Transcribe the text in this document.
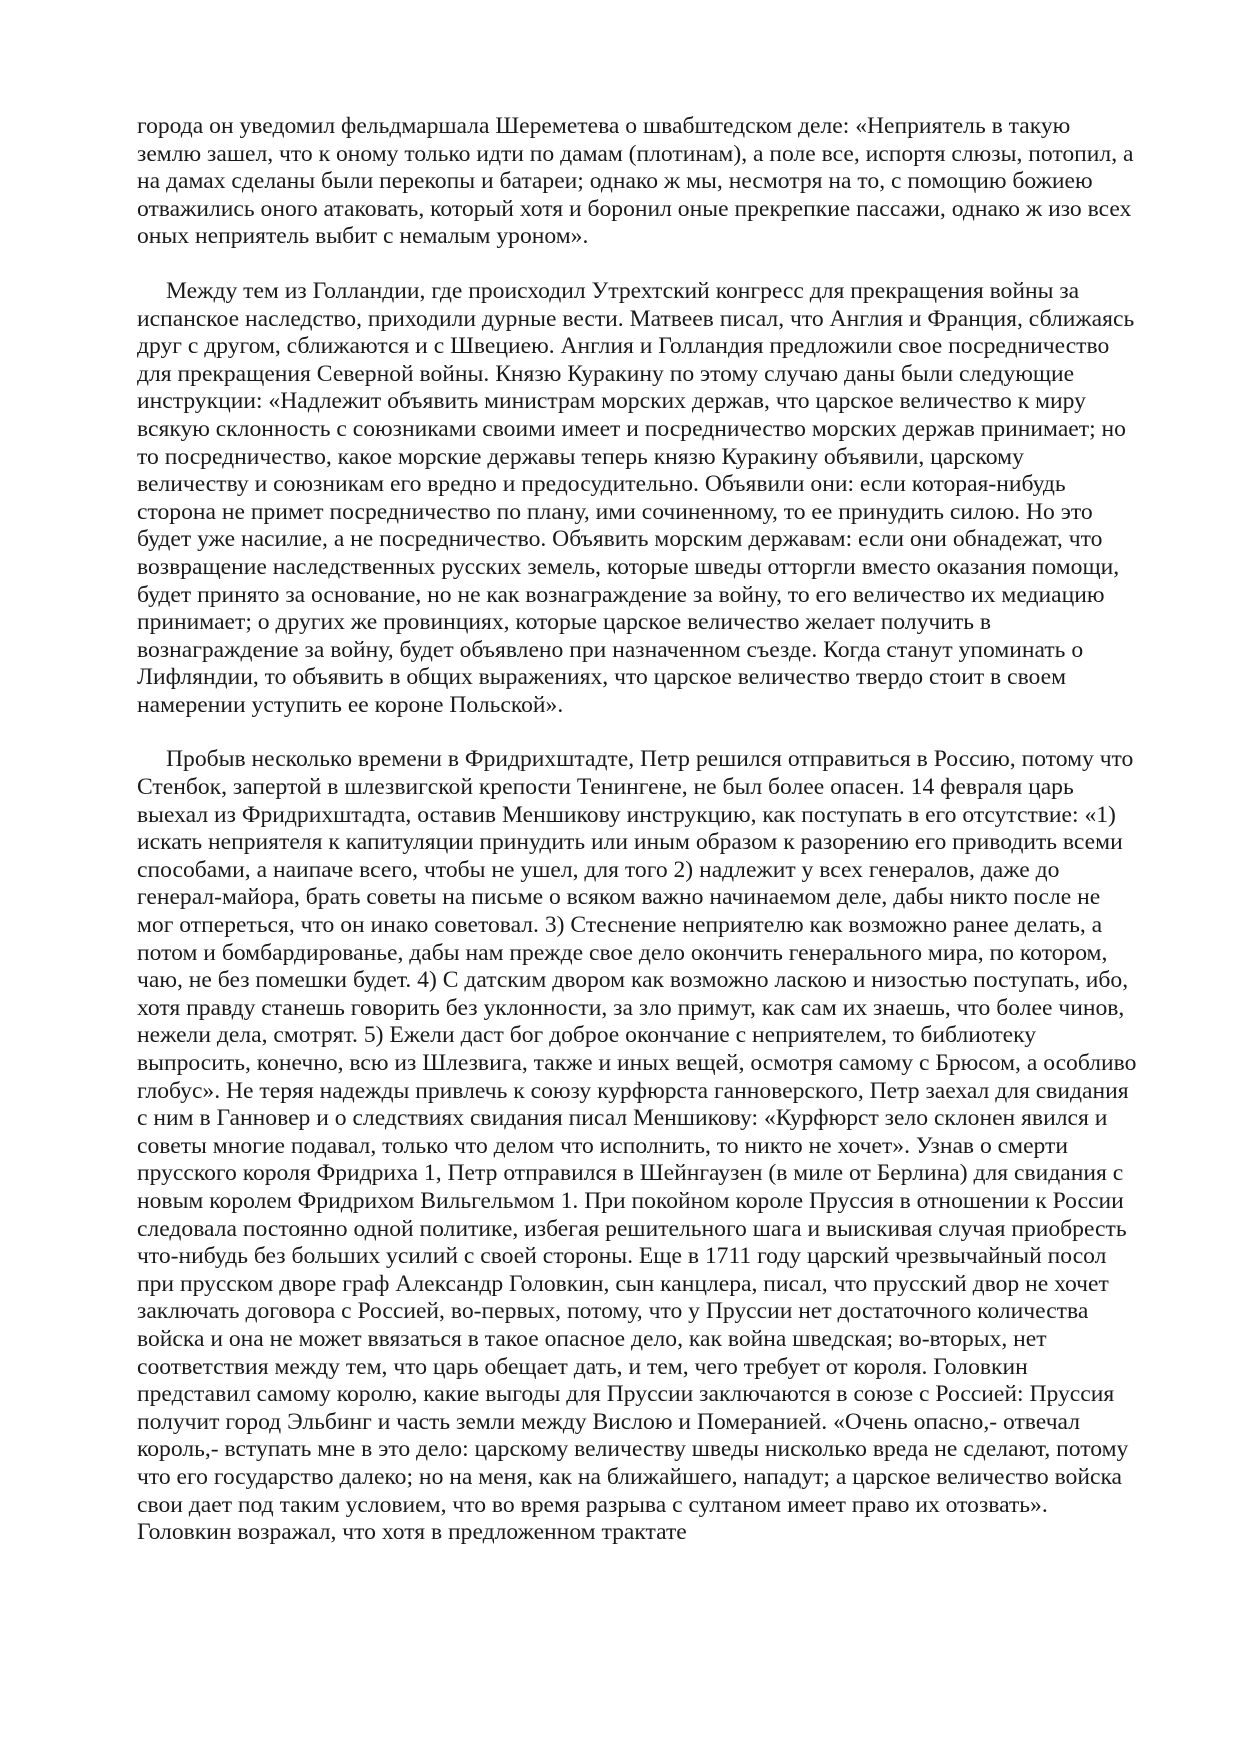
города он уведомил фельдмаршала Шереметева о швабштедском деле: «Неприятель в такую землю зашел, что к оному только идти по дамам (плотинам), а поле все, испортя слюзы, потопил, а на дамах сделаны были перекопы и батареи; однако ж мы, несмотря на то, с помощию божиею отважились оного атаковать, который хотя и боронил оные прекрепкие пассажи, однако ж изо всех оных неприятель выбит с немалым уроном».

Между тем из Голландии, где происходил Утрехтский конгресс для прекращения войны за испанское наследство, приходили дурные вести. Матвеев писал, что Англия и Франция, сближаясь друг с другом, сближаются и с Швециею. Англия и Голландия предложили свое посредничество для прекращения Северной войны. Князю Куракину по этому случаю даны были следующие инструкции: «Надлежит объявить министрам морских держав, что царское величество к миру всякую склонность с союзниками своими имеет и посредничество морских держав принимает; но то посредничество, какое морские державы теперь князю Куракину объявили, царскому величеству и союзникам его вредно и предосудительно. Объявили они: если которая-нибудь сторона не примет посредничество по плану, ими сочиненному, то ее принудить силою. Но это будет уже насилие, а не посредничество. Объявить морским державам: если они обнадежат, что возвращение наследственных русских земель, которые шведы отторгли вместо оказания помощи, будет принято за основание, но не как вознаграждение за войну, то его величество их медиацию принимает; о других же провинциях, которые царское величество желает получить в вознаграждение за войну, будет объявлено при назначенном съезде. Когда станут упоминать о Лифляндии, то объявить в общих выражениях, что царское величество твердо стоит в своем намерении уступить ее короне Польской».

Пробыв несколько времени в Фридрихштадте, Петр решился отправиться в Россию, потому что Стенбок, запертой в шлезвигской крепости Тенингене, не был более опасен. 14 февраля царь выехал из Фридрихштадта, оставив Меншикову инструкцию, как поступать в его отсутствие: «1) искать неприятеля к капитуляции принудить или иным образом к разорению его приводить всеми способами, а наипаче всего, чтобы не ушел, для того 2) надлежит у всех генералов, даже до генерал-майора, брать советы на письме о всяком важно начинаемом деле, дабы никто после не мог отпереться, что он инако советовал. 3) Стеснение неприятелю как возможно ранее делать, а потом и бомбардированье, дабы нам прежде свое дело окончить генерального мира, по котором, чаю, не без помешки будет. 4) С датским двором как возможно ласкою и низостью поступать, ибо, хотя правду станешь говорить без уклонности, за зло примут, как сам их знаешь, что более чинов, нежели дела, смотрят. 5) Ежели даст бог доброе окончание с неприятелем, то библиотеку выпросить, конечно, всю из Шлезвига, также и иных вещей, осмотря самому с Брюсом, а особливо глобус». Не теряя надежды привлечь к союзу курфюрста ганноверского, Петр заехал для свидания с ним в Ганновер и о следствиях свидания писал Меншикову: «Курфюрст зело склонен явился и советы многие подавал, только что делом что исполнить, то никто не хочет». Узнав о смерти прусского короля Фридриха 1, Петр отправился в Шейнгаузен (в миле от Берлина) для свидания с новым королем Фридрихом Вильгельмом 1. При покойном короле Пруссия в отношении к России следовала постоянно одной политике, избегая решительного шага и выискивая случая приобресть что-нибудь без больших усилий с своей стороны. Еще в 1711 году царский чрезвычайный посол при прусском дворе граф Александр Головкин, сын канцлера, писал, что прусский двор не хочет заключать договора с Россией, во-первых, потому, что у Пруссии нет достаточного количества войска и она не может ввязаться в такое опасное дело, как война шведская; во-вторых, нет соответствия между тем, что царь обещает дать, и тем, чего требует от короля. Головкин представил самому королю, какие выгоды для Пруссии заключаются в союзе с Россией: Пруссия получит город Эльбинг и часть земли между Вислою и Померанией. «Очень опасно,- отвечал король,- вступать мне в это дело: царскому величеству шведы нисколько вреда не сделают, потому что его государство далеко; но на меня, как на ближайшего, нападут; а царское величество войска свои дает под таким условием, что во время разрыва с султаном имеет право их отозвать». Головкин возражал, что хотя в предложенном трактате
